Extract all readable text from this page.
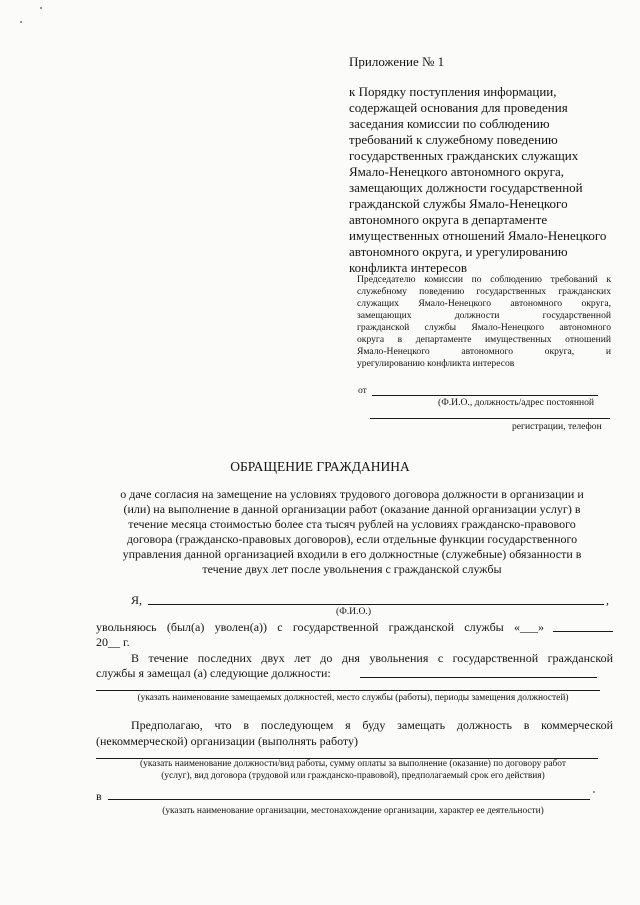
Приложение № 1
к Порядку поступления информации,
содержащей основания для проведения
заседания комиссии по соблюдению
требований к служебному поведению
государственных гражданских служащих
Ямало-Ненецкого автономного округа,
замещающих должности государственной
гражданской службы Ямало-Ненецкого
автономного округа в департаменте
имущественных отношений Ямало-Ненецкого
автономного округа, и урегулированию
конфликта интересов
Председателю комиссии по соблюдению требований к
служебному поведению государственных гражданских
служащих Ямало-Ненецкого автономного округа,
замещающих должности государственной
гражданской службы Ямало-Ненецкого автономного
округа в департаменте имущественных отношений
Ямало-Ненецкого автономного округа, и
урегулированию конфликта интересов
от
(Ф.И.О., должность/адрес постоянной
регистрации, телефон
ОБРАЩЕНИЕ ГРАЖДАНИНА
о даче согласия на замещение на условиях трудового договора должности в организации и
(или) на выполнение в данной организации работ (оказание данной организации услуг) в
течение месяца стоимостью более ста тысяч рублей на условиях гражданско-правового
договора (гражданско-правовых договоров), если отдельные функции государственного
управления данной организацией входили в его должностные (служебные) обязанности в
течение двух лет после увольнения с гражданской службы
Я,	,
(Ф.И.О.)
увольняюсь (был(а) уволен(а)) с государственной гражданской службы «___»
20__ г.
В течение последних двух лет до дня увольнения с государственной гражданской
службы я замещал (а) следующие должности:
(указать наименование замещаемых должностей, место службы (работы), периоды замещения должностей)
Предполагаю, что в последующем я буду замещать должность в коммерческой
(некоммерческой) организации (выполнять работу)
(указать наименование должности/вид работы, сумму оплаты за выполнение (оказание) по договору работ
(услуг), вид договора (трудовой или гражданско-правовой), предполагаемый срок его действия)
в
(указать наименование организации, местонахождение организации, характер ее деятельности)
